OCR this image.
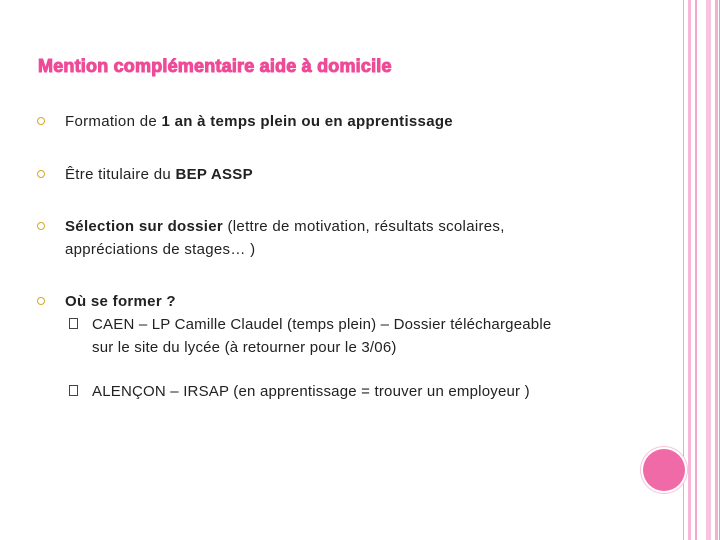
Mention complémentaire aide à domicile
Formation de 1 an à temps plein ou en apprentissage
Être titulaire du BEP ASSP
Sélection sur dossier (lettre de motivation, résultats scolaires,
appréciations de stages… )
Où se former ?
CAEN – LP Camille Claudel (temps plein) – Dossier téléchargeable
sur le site du lycée (à retourner pour le 3/06)
ALENÇON – IRSAP (en apprentissage = trouver un employeur )
